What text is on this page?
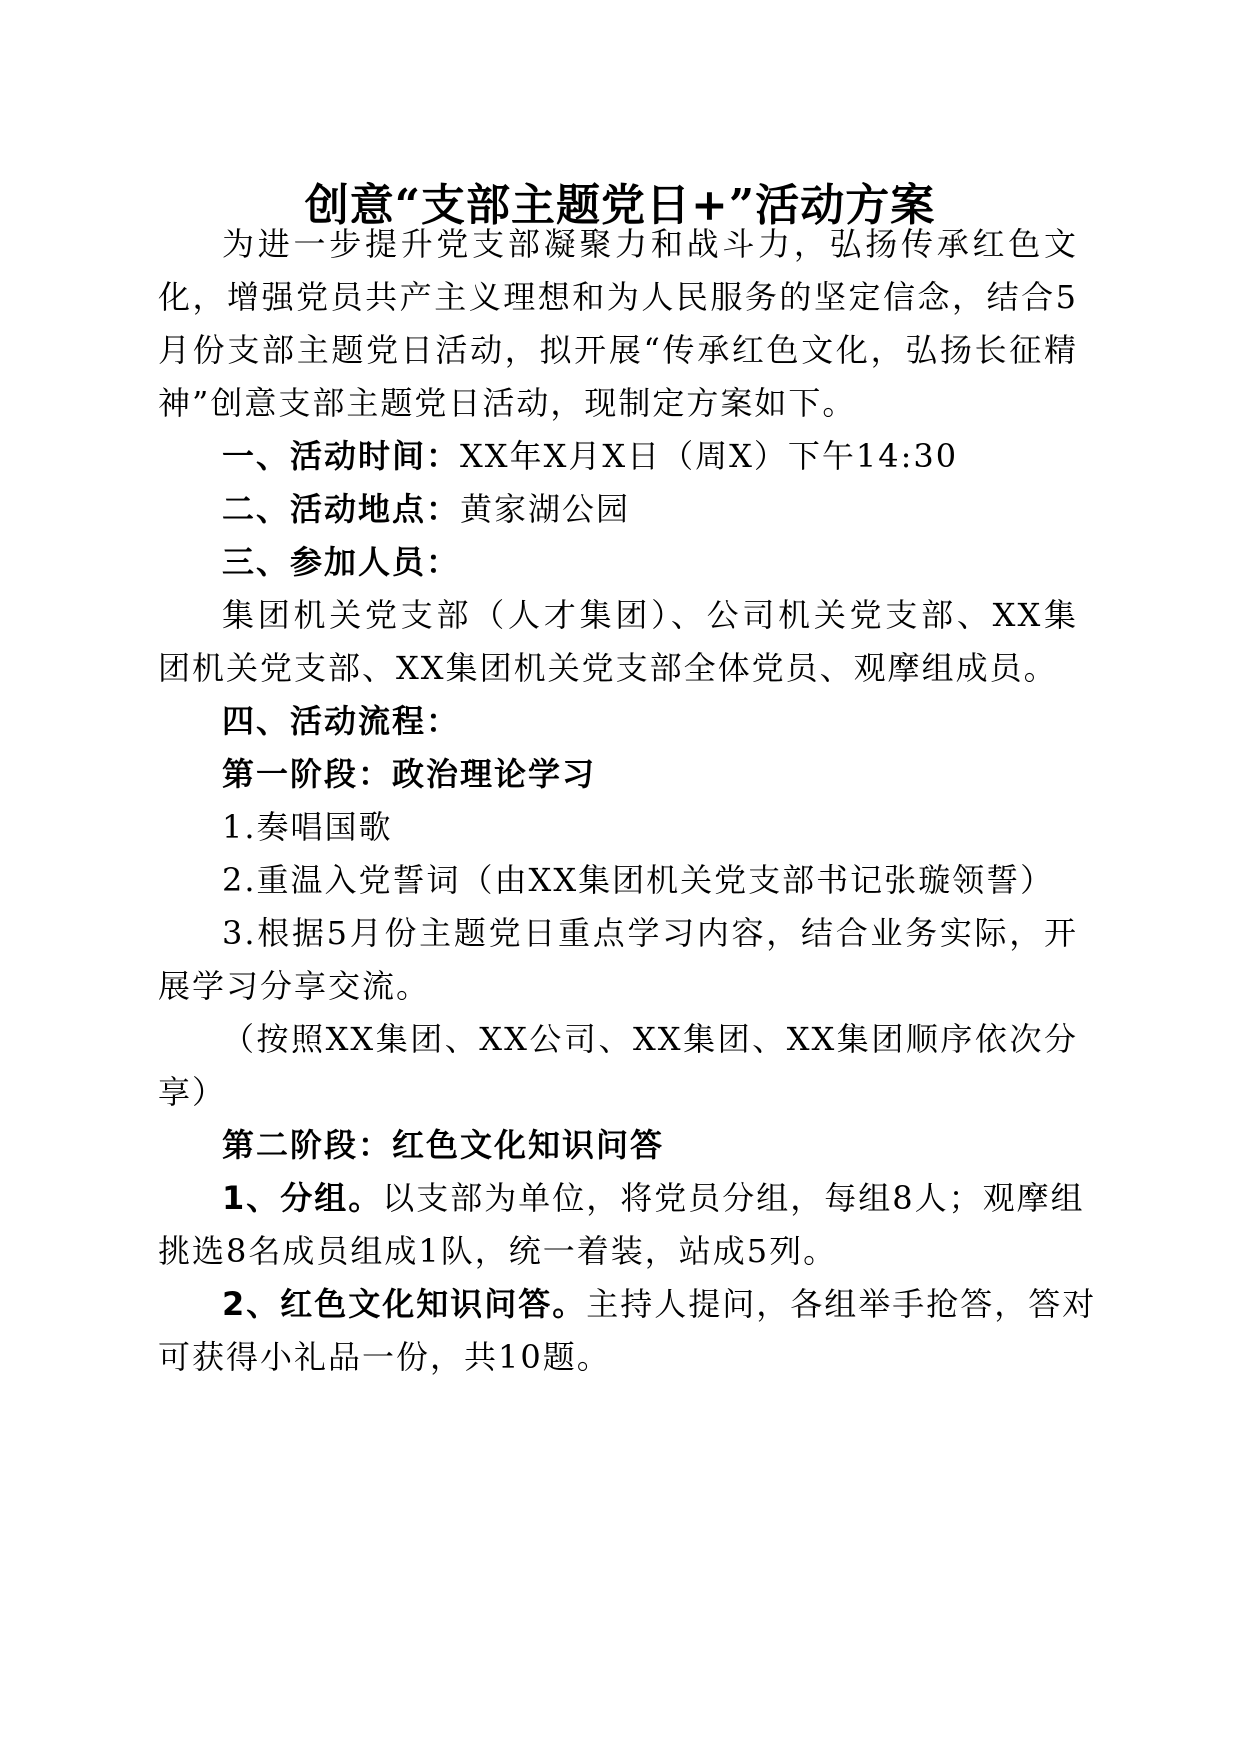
创意“支部主题党日+”活动方案

为进一步提升党支部凝聚力和战斗力，弘扬传承红色文

化，增强党员共产主义理想和为人民服务的坚定信念，结合5

月份支部主题党日活动，拟开展“传承红色文化，弘扬长征精

神”创意支部主题党日活动，现制定方案如下。

一、活动时间：XX年X月X日（周X）下午14:30

二、活动地点：黄家湖公园

三、参加人员：

集团机关党支部（人才集团）、公司机关党支部、XX集

团机关党支部、XX集团机关党支部全体党员、观摩组成员。

四、活动流程：

第一阶段：政治理论学习

1.奏唱国歌

2.重温入党誓词（由XX集团机关党支部书记张璇领誓）

3.根据5月份主题党日重点学习内容，结合业务实际，开

展学习分享交流。

（按照XX集团、XX公司、XX集团、XX集团顺序依次分

享）

第二阶段：红色文化知识问答

1、分组。以支部为单位，将党员分组，每组8人；观摩组

挑选8名成员组成1队，统一着装，站成5列。

2、红色文化知识问答。主持人提问，各组举手抢答，答对

可获得小礼品一份，共10题。
